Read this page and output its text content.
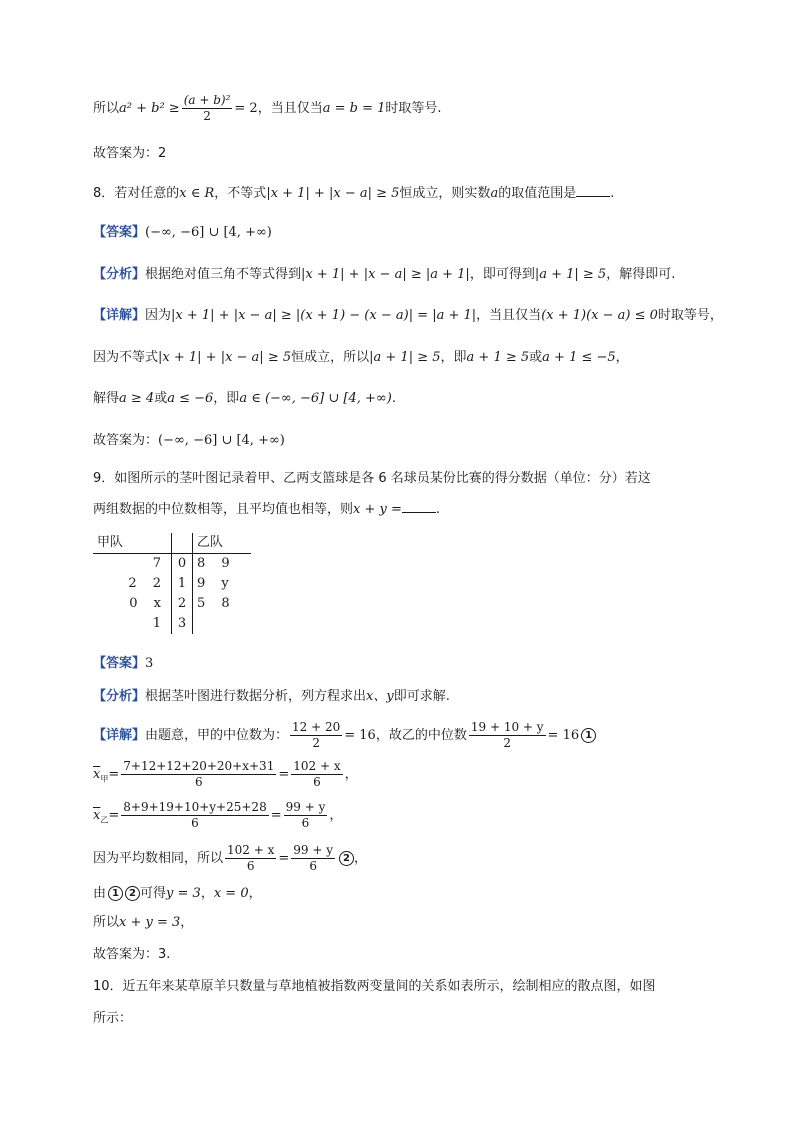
所以$a^2 + b^2 \ge \frac{\text{(a + b)²}}{2} = 2$，当且仅当a = b = 1时取等号.
故答案为：2
8．若对任意的x ∈ R，不等式|x + 1| + |x − a| ≥ 5恒成立，则实数a的取值范围是	.
【答案】(−∞, −6] ∪ [4, +∞)
【分析】根据绝对值三角不等式得到|x + 1| + |x − a| ≥ |a + 1|，即可得到|a + 1| ≥ 5，解得即可.
【详解】因为|x + 1| + |x − a| ≥ |(x + 1) − (x − a)| = |a + 1|，当且仅当(x + 1)(x − a) ≤ 0时取等号，
因为不等式|x + 1| + |x − a| ≥ 5恒成立，所以|a + 1| ≥ 5，即a + 1 ≥ 5或a + 1 ≤ −5，
解得a ≥ 4或a ≤ −6，即a ∈ (−∞, −6] ∪ [4, +∞).
故答案为：(−∞, −6] ∪ [4, +∞)
9．如图所示的茎叶图记录着甲、乙两支篮球是各 6 名球员某份比赛的得分数据（单位：分）若这
两组数据的中位数相等，且平均值也相等，则x + y =	.
甲队		乙队
7	0	8 9
2 2	1	9 y
0 x	2	5 8
1	3	
【答案】3
【分析】根据茎叶图进行数据分析，列方程求出x、y即可求解.
【详解】由题意，甲的中位数为： $\frac{12 + 20}{2} = 16$，故乙的中位数 $\frac{19 + 10 + y}{2} = 16$ 1
$\overline{x}_甲= \frac{7+12+12+20+20+x+31}{6} = \frac{102 + x}{6}$ ，
$\overline{x}_乙= \frac{8+9+19+10+y+25+28}{6} = \frac{99 + y}{6}$ ，
因为平均数相同，所以 $\frac{102 + x}{6} = \frac{99 + y}{6} 2$ ，
由 1 2 可得y = 3，x = 0，
所以x + y = 3，
故答案为：3.
10．近五年来某草原羊只数量与草地植被指数两变量间的关系如表所示，绘制相应的散点图，如图
所示：
